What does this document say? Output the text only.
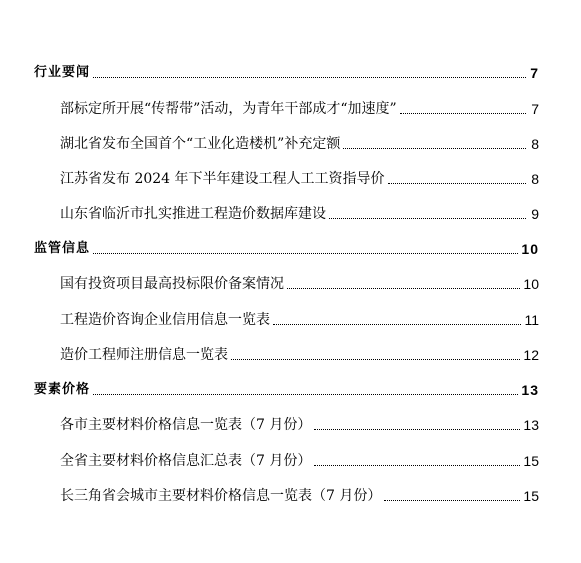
行业要闻	7
部标定所开展“传帮带”活动，为青年干部成才“加速度”	7
湖北省发布全国首个“工业化造楼机”补充定额	8
江苏省发布 2024 年下半年建设工程人工工资指导价	8
山东省临沂市扎实推进工程造价数据库建设	9
监管信息	10
国有投资项目最高投标限价备案情况	10
工程造价咨询企业信用信息一览表	11
造价工程师注册信息一览表	12
要素价格	13
各市主要材料价格信息一览表（7 月份）	13
全省主要材料价格信息汇总表（7 月份）	15
长三角省会城市主要材料价格信息一览表（7 月份）	15
